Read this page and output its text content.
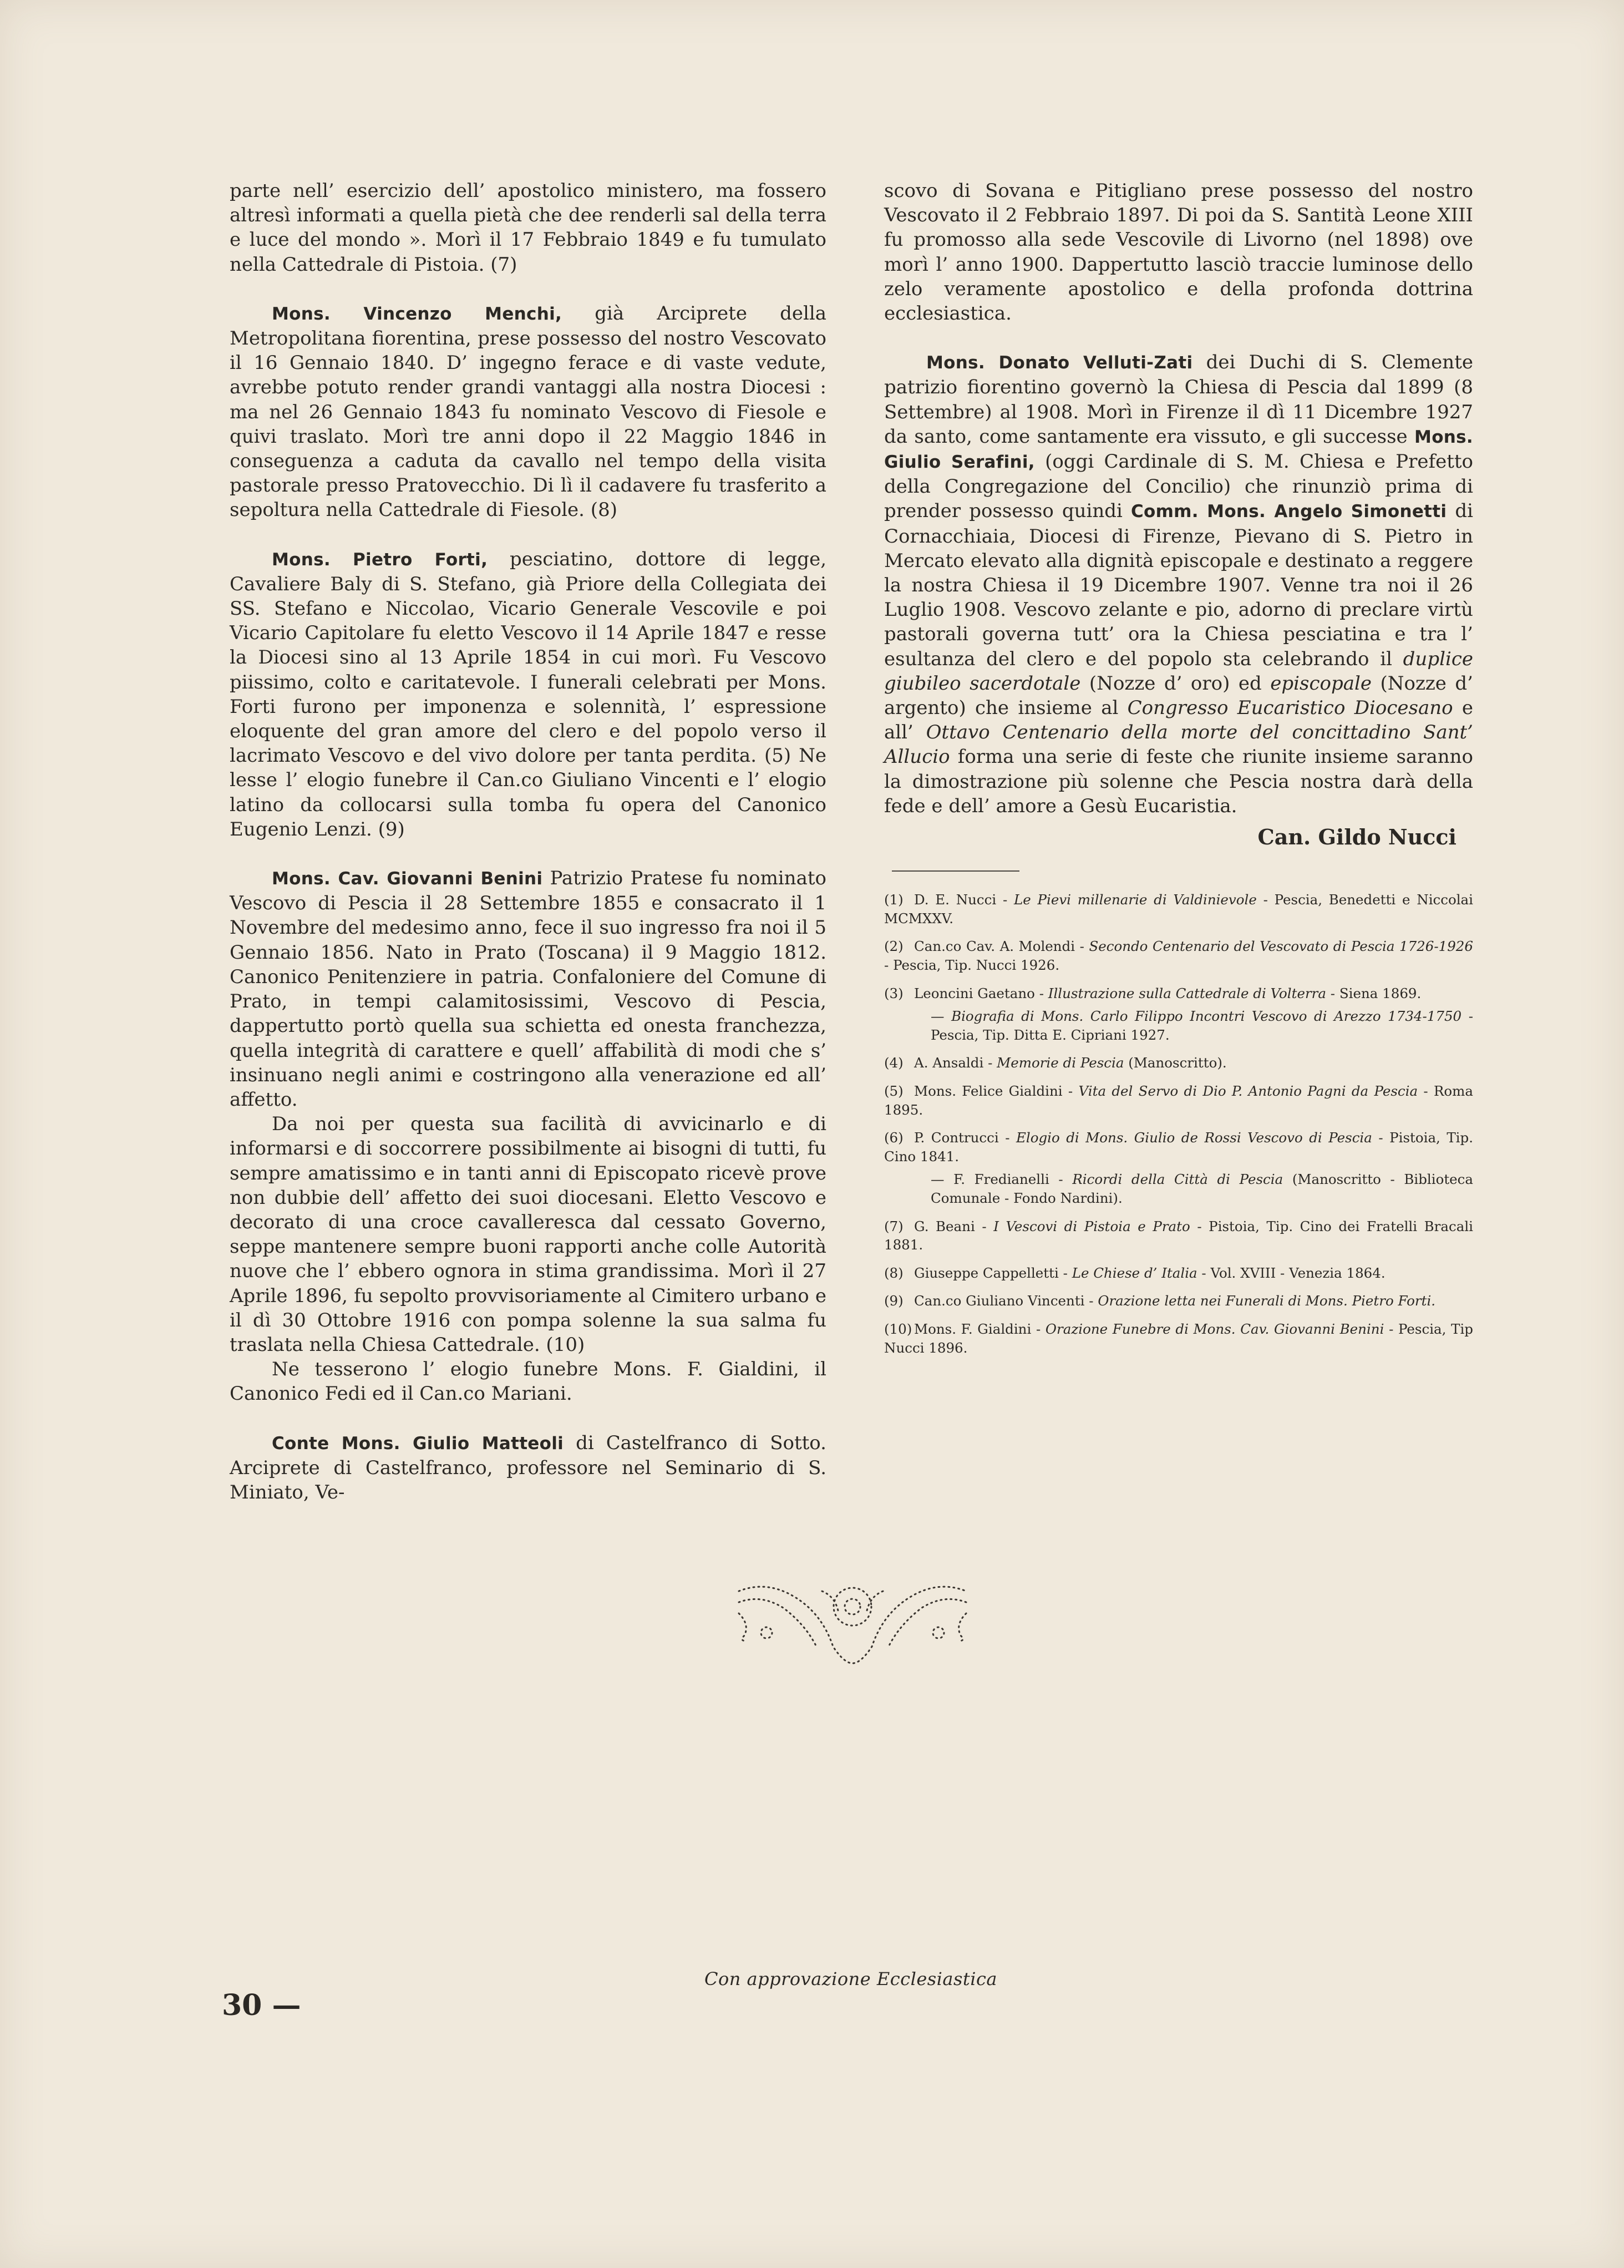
parte nell’ esercizio dell’ apostolico ministero, ma fossero altresì informati a quella pietà che dee renderli sal della terra e luce del mondo ». Morì il 17 Febbraio 1849 e fu tumulato nella Cattedrale di Pistoia. (7)

Mons. Vincenzo Menchi, già Arciprete della Metropolitana fiorentina, prese possesso del nostro Vescovato il 16 Gennaio 1840. D’ ingegno ferace e di vaste vedute, avrebbe potuto render grandi vantaggi alla nostra Diocesi : ma nel 26 Gennaio 1843 fu nominato Vescovo di Fiesole e quivi traslato. Morì tre anni dopo il 22 Maggio 1846 in conseguenza a caduta da cavallo nel tempo della visita pastorale presso Pratovecchio. Di lì il cadavere fu trasferito a sepoltura nella Cattedrale di Fiesole. (8)

Mons. Pietro Forti, pesciatino, dottore di legge, Cavaliere Baly di S. Stefano, già Priore della Collegiata dei SS. Stefano e Niccolao, Vicario Generale Vescovile e poi Vicario Capitolare fu eletto Vescovo il 14 Aprile 1847 e resse la Diocesi sino al 13 Aprile 1854 in cui morì. Fu Vescovo piissimo, colto e caritatevole. I funerali celebrati per Mons. Forti furono per imponenza e solennità, l’ espressione eloquente del gran amore del clero e del popolo verso il lacrimato Vescovo e del vivo dolore per tanta perdita. (5) Ne lesse l’ elogio funebre il Can.co Giuliano Vincenti e l’ elogio latino da collocarsi sulla tomba fu opera del Canonico Eugenio Lenzi. (9)

Mons. Cav. Giovanni Benini Patrizio Pratese fu nominato Vescovo di Pescia il 28 Settembre 1855 e consacrato il 1 Novembre del medesimo anno, fece il suo ingresso fra noi il 5 Gennaio 1856. Nato in Prato (Toscana) il 9 Maggio 1812. Canonico Penitenziere in patria. Confaloniere del Comune di Prato, in tempi calamitosissimi, Vescovo di Pescia, dappertutto portò quella sua schietta ed onesta franchezza, quella integrità di carattere e quell’ affabilità di modi che s’ insinuano negli animi e costringono alla venerazione ed all’ affetto.

Da noi per questa sua facilità di avvicinarlo e di informarsi e di soccorrere possibilmente ai bisogni di tutti, fu sempre amatissimo e in tanti anni di Episcopato ricevè prove non dubbie dell’ affetto dei suoi diocesani. Eletto Vescovo e decorato di una croce cavalleresca dal cessato Governo, seppe mantenere sempre buoni rapporti anche colle Autorità nuove che l’ ebbero ognora in stima grandissima. Morì il 27 Aprile 1896, fu sepolto provvisoriamente al Cimitero urbano e il dì 30 Ottobre 1916 con pompa solenne la sua salma fu traslata nella Chiesa Cattedrale. (10)

Ne tesserono l’ elogio funebre Mons. F. Gialdini, il Canonico Fedi ed il Can.co Mariani.

Conte Mons. Giulio Matteoli di Castelfranco di Sotto. Arciprete di Castelfranco, professore nel Seminario di S. Miniato, Ve-

scovo di Sovana e Pitigliano prese possesso del nostro Vescovato il 2 Febbraio 1897. Di poi da S. Santità Leone XIII fu promosso alla sede Vescovile di Livorno (nel 1898) ove morì l’ anno 1900. Dappertutto lasciò traccie luminose dello zelo veramente apostolico e della profonda dottrina ecclesiastica.

Mons. Donato Velluti-Zati dei Duchi di S. Clemente patrizio fiorentino governò la Chiesa di Pescia dal 1899 (8 Settembre) al 1908. Morì in Firenze il dì 11 Dicembre 1927 da santo, come santamente era vissuto, e gli successe Mons. Giulio Serafini, (oggi Cardinale di S. M. Chiesa e Prefetto della Congregazione del Concilio) che rinunziò prima di prender possesso quindi Comm. Mons. Angelo Simonetti di Cornacchiaia, Diocesi di Firenze, Pievano di S. Pietro in Mercato elevato alla dignità episcopale e destinato a reggere la nostra Chiesa il 19 Dicembre 1907. Venne tra noi il 26 Luglio 1908. Vescovo zelante e pio, adorno di preclare virtù pastorali governa tutt’ ora la Chiesa pesciatina e tra l’ esultanza del clero e del popolo sta celebrando il duplice giubileo sacerdotale (Nozze d’ oro) ed episcopale (Nozze d’ argento) che insieme al Congresso Eucaristico Diocesano e all’ Ottavo Centenario della morte del concittadino Sant’ Allucio forma una serie di feste che riunite insieme saranno la dimostrazione più solenne che Pescia nostra darà della fede e dell’ amore a Gesù Eucaristia.

Can. Gildo Nucci
(1) D. E. Nucci - Le Pievi millenarie di Valdinievole - Pescia, Benedetti e Niccolai MCMXXV.
(2) Can.co Cav. A. Molendi - Secondo Centenario del Vescovato di Pescia 1726-1926 - Pescia, Tip. Nucci 1926.
(3) Leoncini Gaetano - Illustrazione sulla Cattedrale di Volterra - Siena 1869.
— Biografia di Mons. Carlo Filippo Incontri Vescovo di Arezzo 1734-1750 - Pescia, Tip. Ditta E. Cipriani 1927.
(4) A. Ansaldi - Memorie di Pescia (Manoscritto).
(5) Mons. Felice Gialdini - Vita del Servo di Dio P. Antonio Pagni da Pescia - Roma 1895.
(6) P. Contrucci - Elogio di Mons. Giulio de Rossi Vescovo di Pescia - Pistoia, Tip. Cino 1841.
— F. Fredianelli - Ricordi della Città di Pescia (Manoscritto - Biblioteca Comunale - Fondo Nardini).
(7) G. Beani - I Vescovi di Pistoia e Prato - Pistoia, Tip. Cino dei Fratelli Bracali 1881.
(8) Giuseppe Cappelletti - Le Chiese d’ Italia - Vol. XVIII - Venezia 1864.
(9) Can.co Giuliano Vincenti - Orazione letta nei Funerali di Mons. Pietro Forti.
(10) Mons. F. Gialdini - Orazione Funebre di Mons. Cav. Giovanni Benini - Pescia, Tip Nucci 1896.
Con approvazione Ecclesiastica
30 —
